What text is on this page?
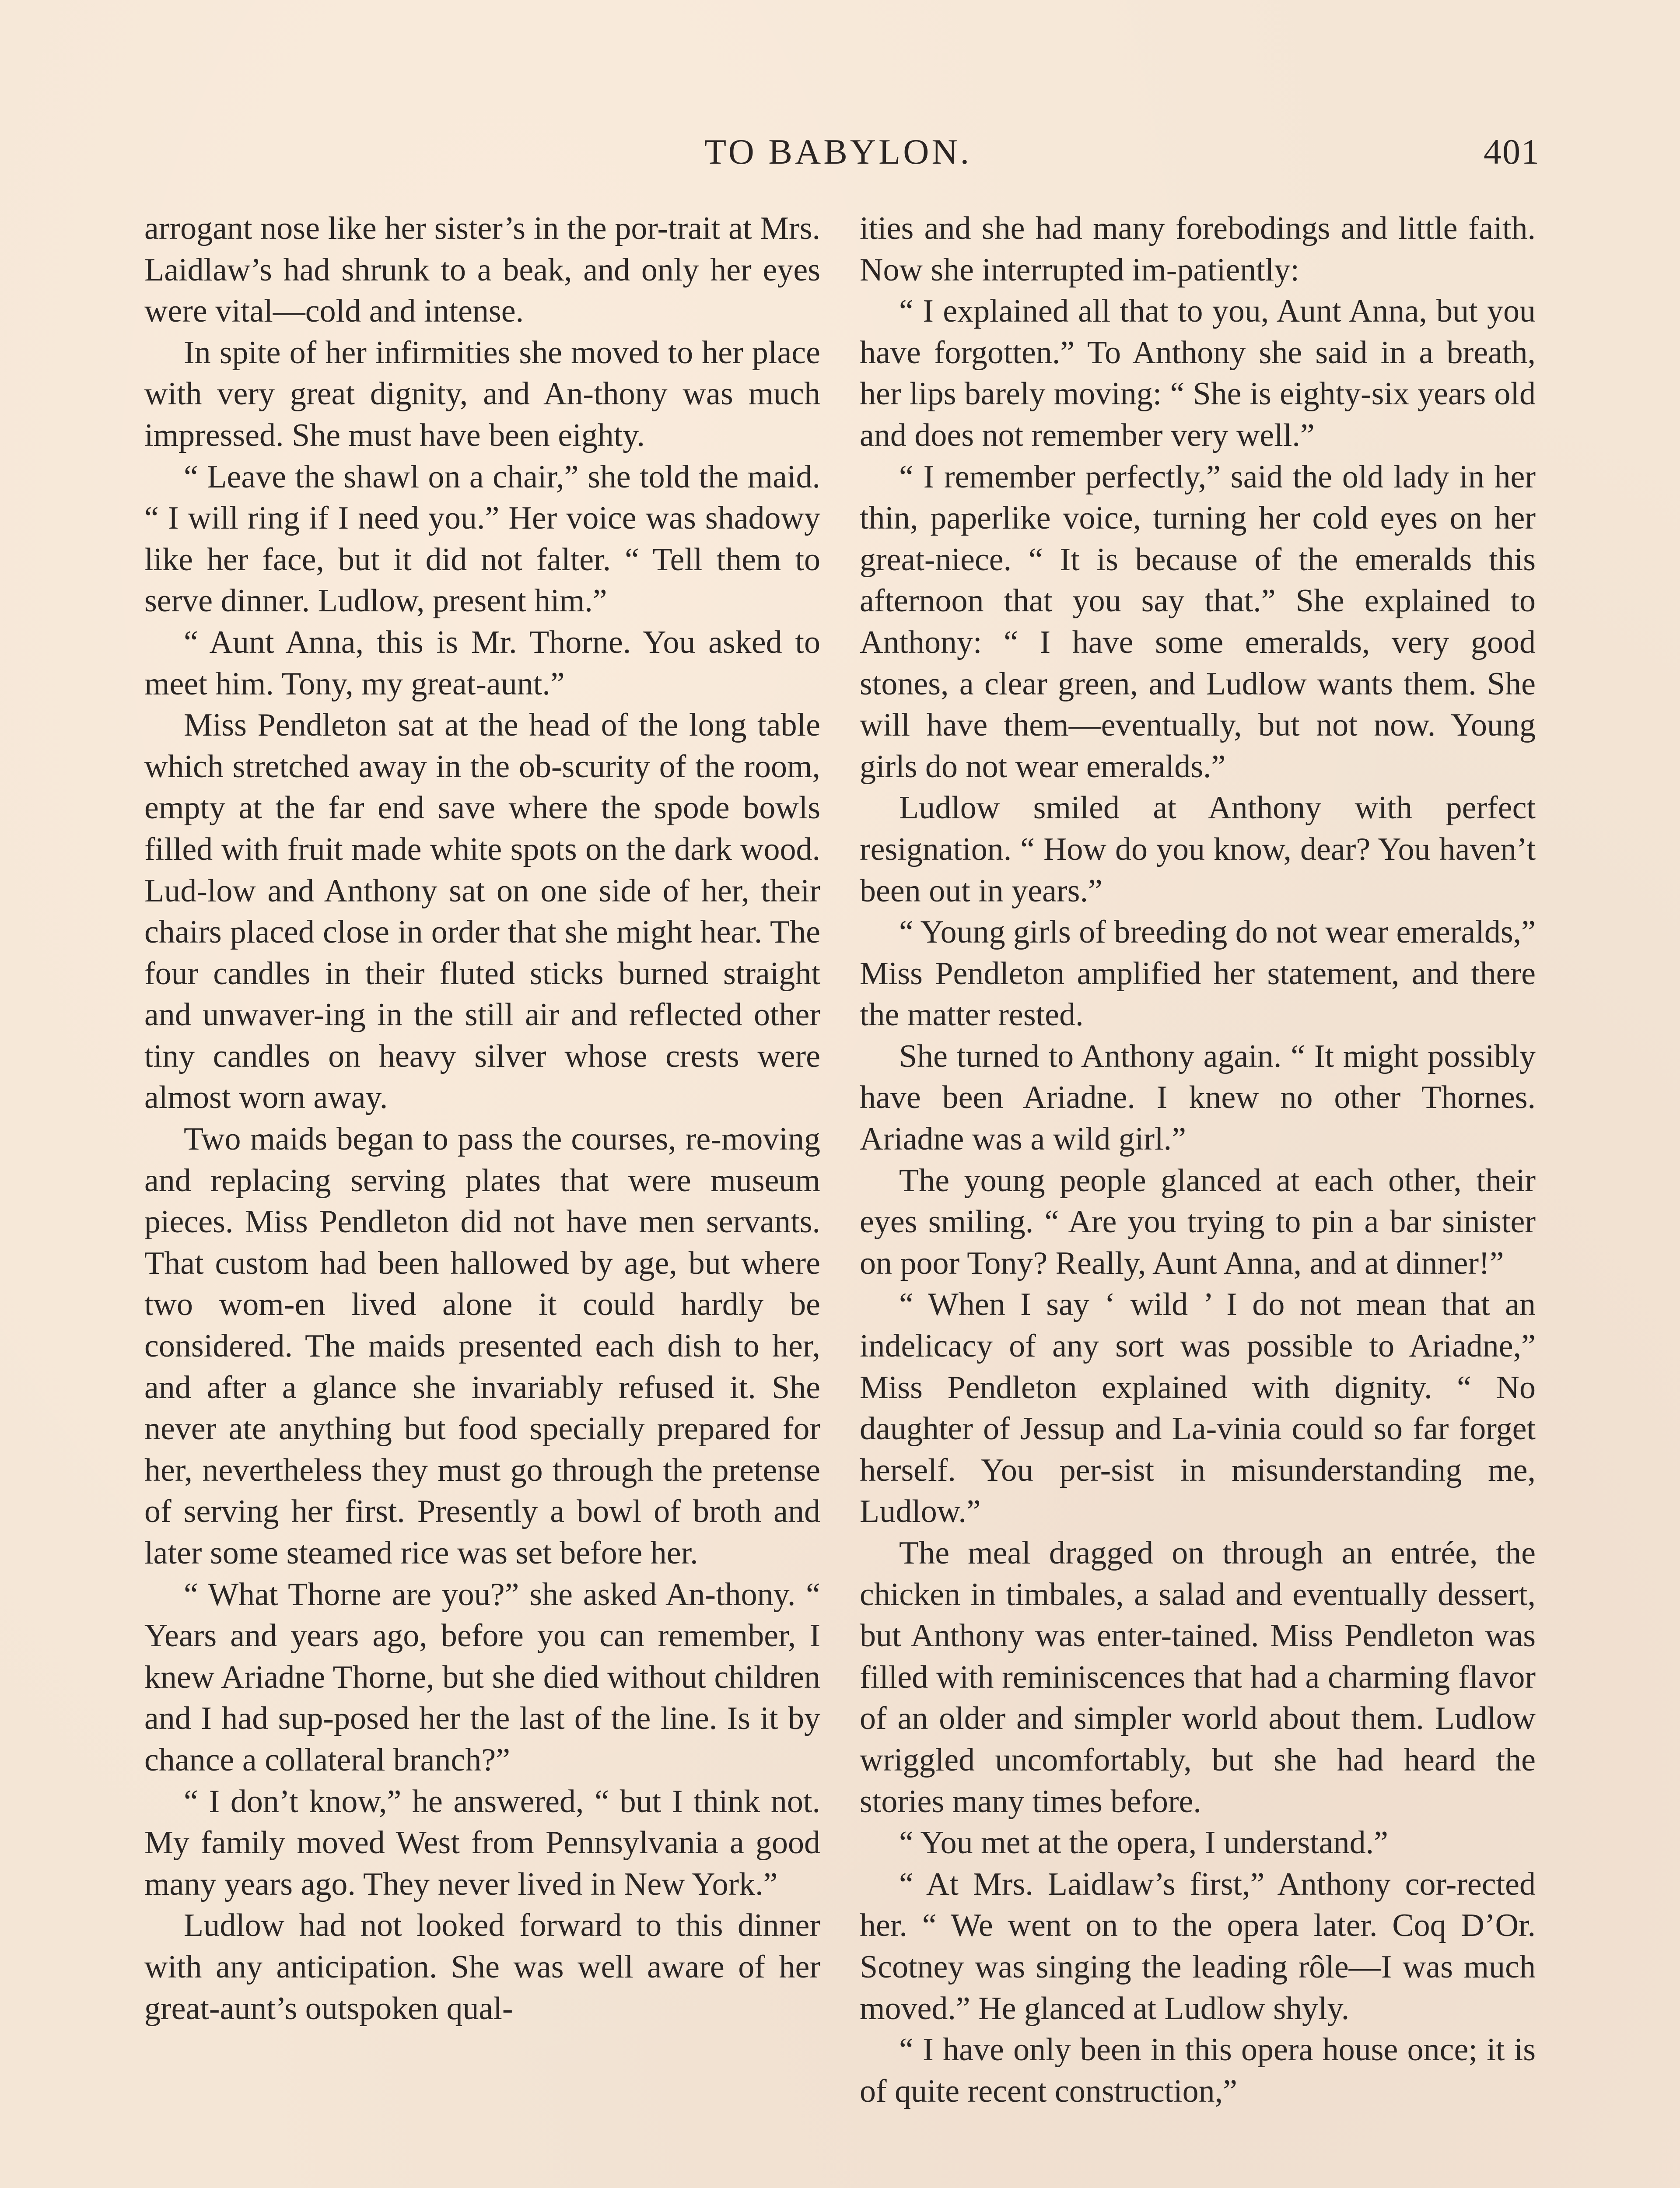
TO BABYLON.	401

arrogant nose like her sister’s in the por-trait at Mrs. Laidlaw’s had shrunk to a beak, and only her eyes were vital—cold and intense.

In spite of her infirmities she moved to her place with very great dignity, and An-thony was much impressed. She must have been eighty.

“ Leave the shawl on a chair,” she told the maid. “ I will ring if I need you.” Her voice was shadowy like her face, but it did not falter. “ Tell them to serve dinner. Ludlow, present him.”

“ Aunt Anna, this is Mr. Thorne. You asked to meet him. Tony, my great-aunt.”

Miss Pendleton sat at the head of the long table which stretched away in the ob-scurity of the room, empty at the far end save where the spode bowls filled with fruit made white spots on the dark wood. Lud-low and Anthony sat on one side of her, their chairs placed close in order that she might hear. The four candles in their fluted sticks burned straight and unwaver-ing in the still air and reflected other tiny candles on heavy silver whose crests were almost worn away.

Two maids began to pass the courses, re-moving and replacing serving plates that were museum pieces. Miss Pendleton did not have men servants. That custom had been hallowed by age, but where two wom-en lived alone it could hardly be considered. The maids presented each dish to her, and after a glance she invariably refused it. She never ate anything but food specially prepared for her, nevertheless they must go through the pretense of serving her first. Presently a bowl of broth and later some steamed rice was set before her.

“ What Thorne are you?” she asked An-thony. “ Years and years ago, before you can remember, I knew Ariadne Thorne, but she died without children and I had sup-posed her the last of the line. Is it by chance a collateral branch?”

“ I don’t know,” he answered, “ but I think not. My family moved West from Pennsylvania a good many years ago. They never lived in New York.”

Ludlow had not looked forward to this dinner with any anticipation. She was well aware of her great-aunt’s outspoken qual-

ities and she had many forebodings and little faith. Now she interrupted im-patiently:

“ I explained all that to you, Aunt Anna, but you have forgotten.” To Anthony she said in a breath, her lips barely moving: “ She is eighty-six years old and does not remember very well.”

“ I remember perfectly,” said the old lady in her thin, paperlike voice, turning her cold eyes on her great-niece. “ It is because of the emeralds this afternoon that you say that.” She explained to Anthony: “ I have some emeralds, very good stones, a clear green, and Ludlow wants them. She will have them—eventually, but not now. Young girls do not wear emeralds.”

Ludlow smiled at Anthony with perfect resignation. “ How do you know, dear? You haven’t been out in years.”

“ Young girls of breeding do not wear emeralds,” Miss Pendleton amplified her statement, and there the matter rested.

She turned to Anthony again. “ It might possibly have been Ariadne. I knew no other Thornes. Ariadne was a wild girl.”

The young people glanced at each other, their eyes smiling. “ Are you trying to pin a bar sinister on poor Tony? Really, Aunt Anna, and at dinner!”

“ When I say ‘ wild ’ I do not mean that an indelicacy of any sort was possible to Ariadne,” Miss Pendleton explained with dignity. “ No daughter of Jessup and La-vinia could so far forget herself. You per-sist in misunderstanding me, Ludlow.”

The meal dragged on through an entrée, the chicken in timbales, a salad and eventually dessert, but Anthony was enter-tained. Miss Pendleton was filled with reminiscences that had a charming flavor of an older and simpler world about them. Ludlow wriggled uncomfortably, but she had heard the stories many times before.

“ You met at the opera, I understand.”

“ At Mrs. Laidlaw’s first,” Anthony cor-rected her. “ We went on to the opera later. Coq D’Or. Scotney was singing the leading rôle—I was much moved.” He glanced at Ludlow shyly.

“ I have only been in this opera house once; it is of quite recent construction,”
